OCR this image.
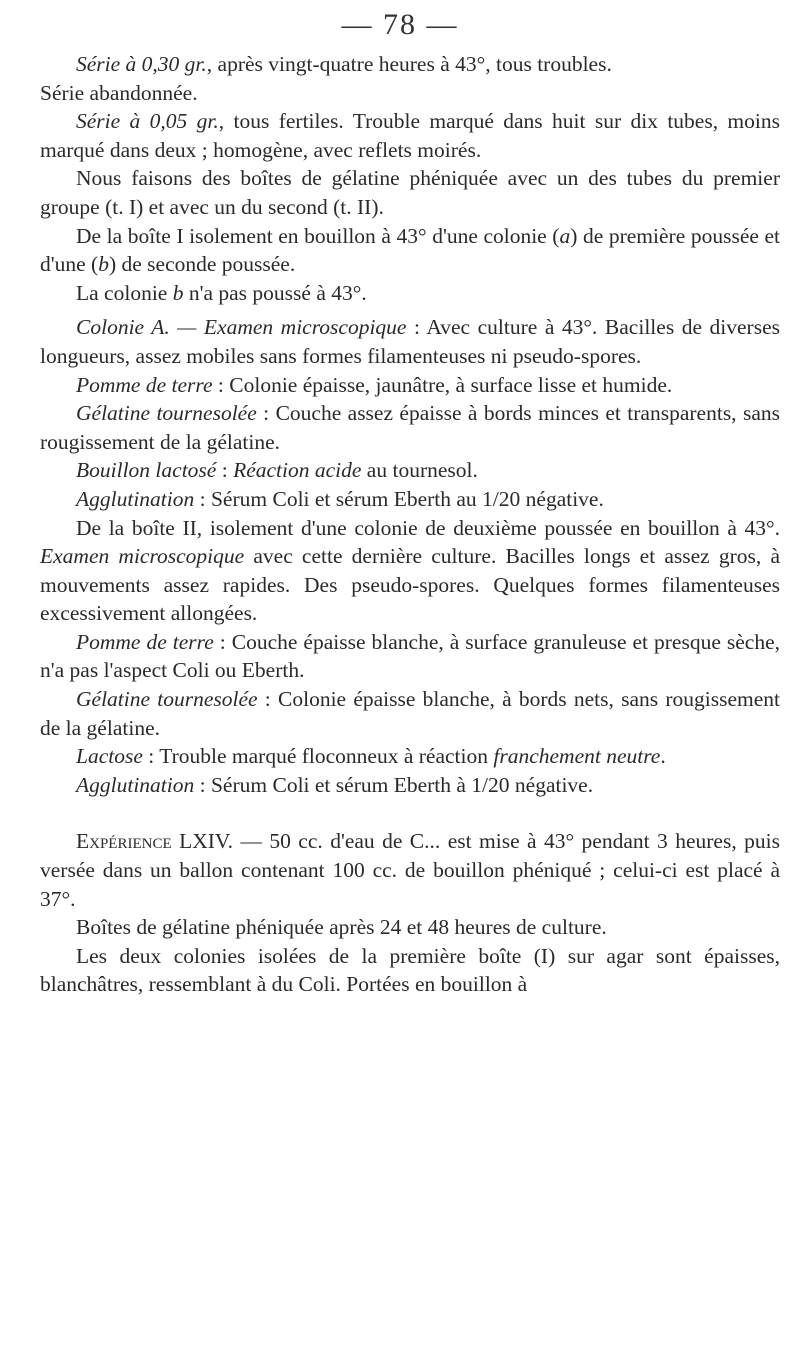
— 78 —

Série à 0,30 gr., après vingt-quatre heures à 43°, tous troubles.

Série abandonnée.

Série à 0,05 gr., tous fertiles. Trouble marqué dans huit sur dix tubes, moins marqué dans deux ; homogène, avec reflets moirés.

Nous faisons des boîtes de gélatine phéniquée avec un des tubes du premier groupe (t. I) et avec un du second (t. II).

De la boîte I isolement en bouillon à 43° d'une colonie (a) de première poussée et d'une (b) de seconde poussée.

La colonie b n'a pas poussé à 43°.

Colonie A. — Examen microscopique : Avec culture à 43°. Bacilles de diverses longueurs, assez mobiles sans formes filamenteuses ni pseudo-spores.

Pomme de terre : Colonie épaisse, jaunâtre, à surface lisse et humide.

Gélatine tournesolée : Couche assez épaisse à bords minces et transparents, sans rougissement de la gélatine.

Bouillon lactosé : Réaction acide au tournesol.

Agglutination : Sérum Coli et sérum Eberth au 1/20 négative.

De la boîte II, isolement d'une colonie de deuxième poussée en bouillon à 43°. Examen microscopique avec cette dernière culture. Bacilles longs et assez gros, à mouvements assez rapides. Des pseudo-spores. Quelques formes filamenteuses excessivement allongées.

Pomme de terre : Couche épaisse blanche, à surface granuleuse et presque sèche, n'a pas l'aspect Coli ou Eberth.

Gélatine tournesolée : Colonie épaisse blanche, à bords nets, sans rougissement de la gélatine.

Lactose : Trouble marqué floconneux à réaction franchement neutre.

Agglutination : Sérum Coli et sérum Eberth à 1/20 négative.

Expérience LXIV. — 50 cc. d'eau de C... est mise à 43° pendant 3 heures, puis versée dans un ballon contenant 100 cc. de bouillon phéniqué ; celui-ci est placé à 37°.

Boîtes de gélatine phéniquée après 24 et 48 heures de culture.

Les deux colonies isolées de la première boîte (I) sur agar sont épaisses, blanchâtres, ressemblant à du Coli. Portées en bouillon à
